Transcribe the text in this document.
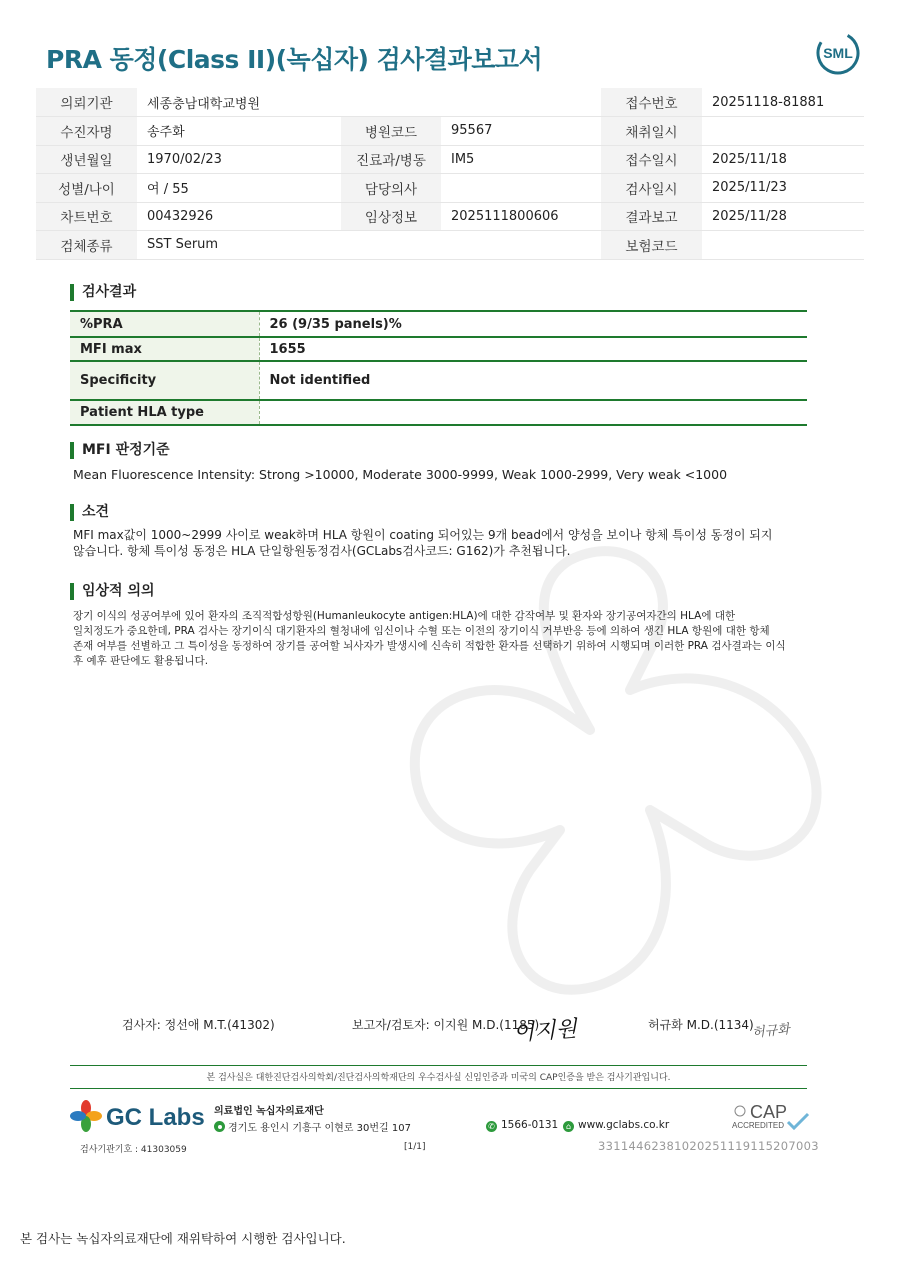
PRA 동정(Class II)(녹십자) 검사결과보고서	SML
의뢰기관	세종충남대학교병원			접수번호	20251118-81881
수진자명	송주화	병원코드	95567	채취일시	
생년월일	1970/02/23	진료과/병동	IM5	접수일시	2025/11/18
성별/나이	여 / 55	담당의사		검사일시	2025/11/23
차트번호	00432926	임상정보	2025111800606	결과보고	2025/11/28
검체종류	SST Serum			보험코드	
검사결과
%PRA	26 (9/35 panels)%
MFI max	1655
Specificity	Not identified
Patient HLA type	
MFI 판정기준
Mean Fluorescence Intensity: Strong >10000, Moderate 3000-9999, Weak 1000-2999, Very weak <1000
소견
MFI max값이 1000~2999 사이로 weak하며 HLA 항원이 coating 되어있는 9개 bead에서 양성을 보이나 항체 특이성 동정이 되지
않습니다. 항체 특이성 동정은 HLA 단일항원동정검사(GCLabs검사코드: G162)가 추천됩니다.
임상적 의의
장기 이식의 성공여부에 있어 환자의 조직적합성항원(Humanleukocyte antigen:HLA)에 대한 감작여부 및 환자와 장기공여자간의 HLA에 대한
일치정도가 중요한데, PRA 검사는 장기이식 대기환자의 혈청내에 임신이나 수혈 또는 이전의 장기이식 거부반응 등에 의하여 생긴 HLA 항원에 대한 항체
존재 여부를 선별하고 그 특이성을 동정하여 장기를 공여할 뇌사자가 발생시에 신속히 적합한 환자를 선택하기 위하여 시행되며 이러한 PRA 검사결과는 이식
후 예후 판단에도 활용됩니다.
검사자: 정선애 M.T.(41302)	보고자/검토자: 이지원 M.D.(1185)
이지원	허규화 M.D.(1134)
허규화
본 검사실은 대한진단검사의학회/진단검사의학재단의 우수검사실 신임인증과 미국의 CAP인증을 받은 검사기관입니다.
GC Labs 의료법인 녹십자의료재단
경기도 용인시 기흥구 이현로 30번길 107	✆ 1566-0131 ⌂ www.gclabs.co.kr
CAP
ACCREDITED
검사기관기호 : 41303059	[1/1]	33114462381020251119115207003
본 검사는 녹십자의료재단에 재위탁하여 시행한 검사입니다.
